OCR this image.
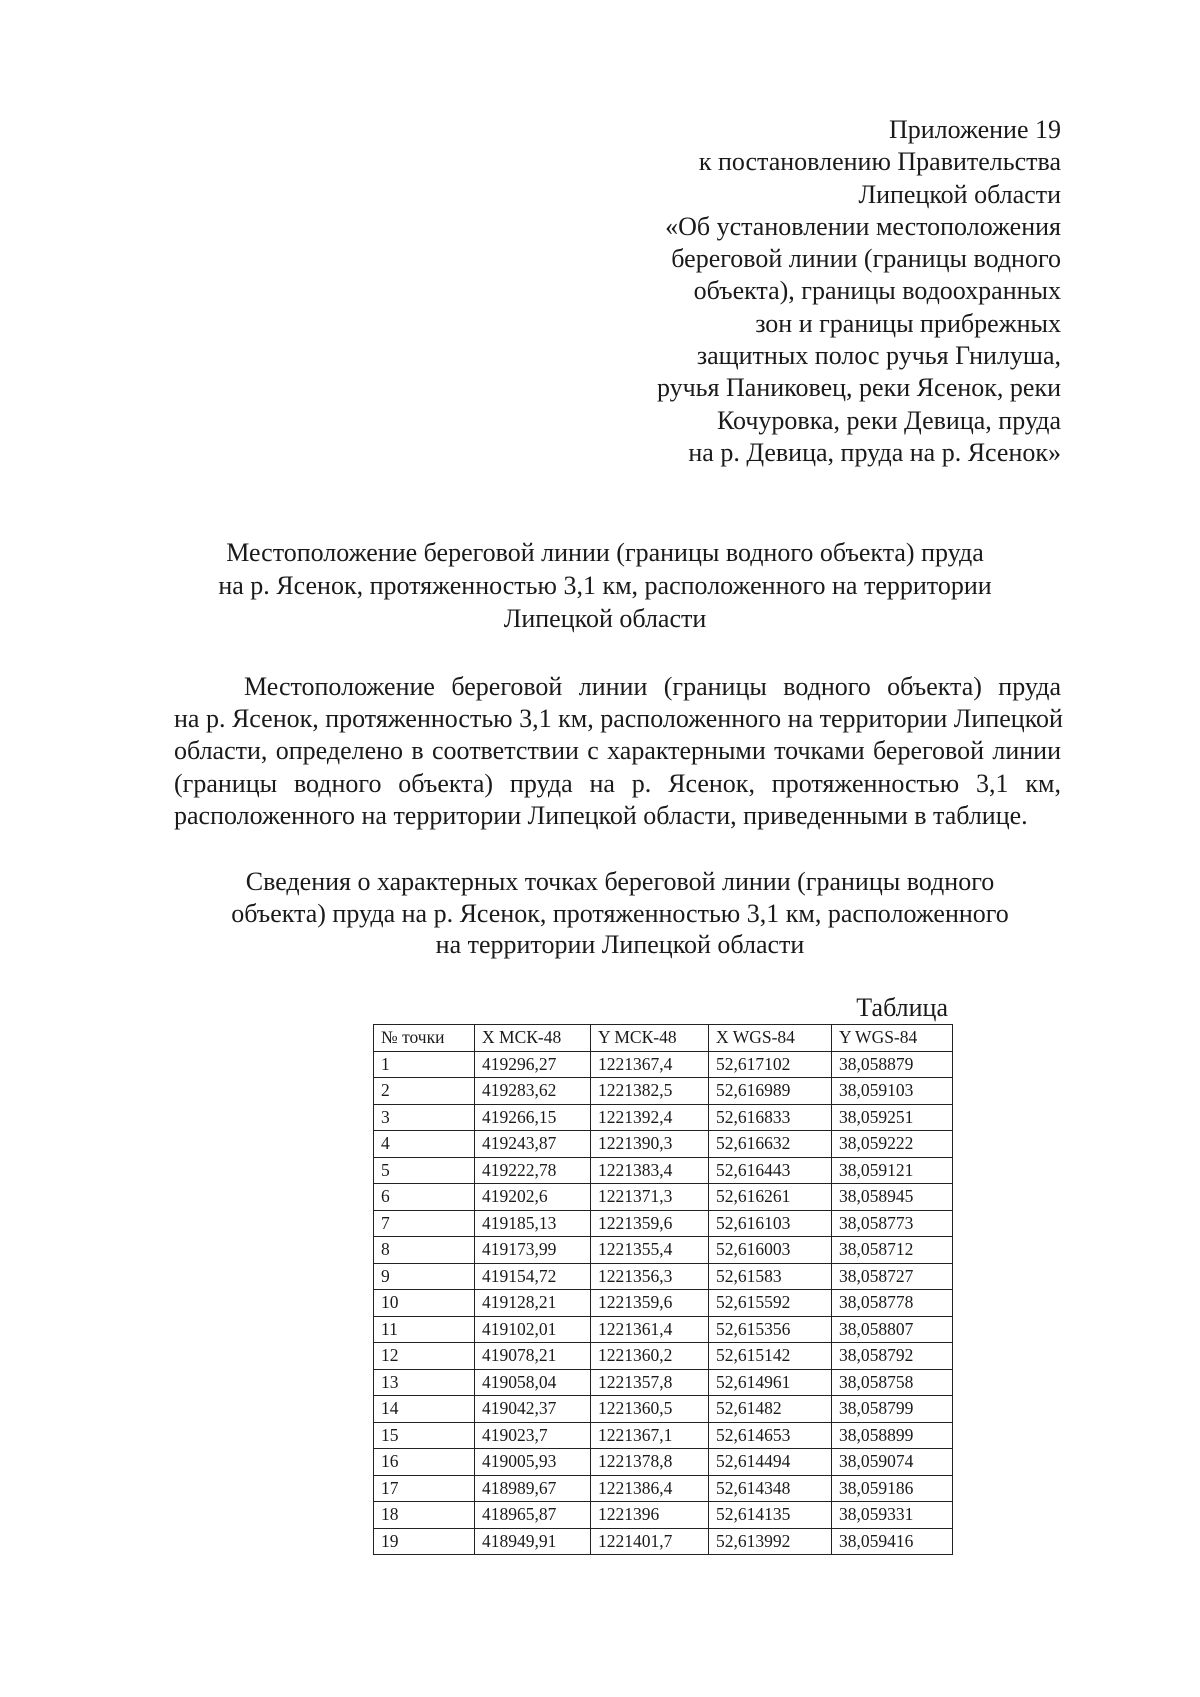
Приложение 19
к постановлению Правительства
Липецкой области
«Об установлении местоположения
береговой линии (границы водного
объекта), границы водоохранных
зон и границы прибрежных
защитных полос ручья Гнилуша,
ручья Паниковец, реки Ясенок, реки
Кочуровка, реки Девица, пруда
на р. Девица, пруда на р. Ясенок»
Местоположение береговой линии (границы водного объекта) пруда
на р. Ясенок, протяженностью 3,1 км, расположенного на территории
Липецкой области
Местоположение береговой линии (границы водного объекта) пруда
на р. Ясенок, протяженностью 3,1 км, расположенного на территории Липецкой
области, определено в соответствии с характерными точками береговой линии
(границы водного объекта) пруда на р. Ясенок, протяженностью 3,1 км,
расположенного на территории Липецкой области, приведенными в таблице.
Сведения о характерных точках береговой линии (границы водного
объекта) пруда на р. Ясенок, протяженностью 3,1 км, расположенного
на территории Липецкой области
Таблица
№ точки	X МСК-48	Y МСК-48	X WGS-84	Y WGS-84
1	419296,27	1221367,4	52,617102	38,058879
2	419283,62	1221382,5	52,616989	38,059103
3	419266,15	1221392,4	52,616833	38,059251
4	419243,87	1221390,3	52,616632	38,059222
5	419222,78	1221383,4	52,616443	38,059121
6	419202,6	1221371,3	52,616261	38,058945
7	419185,13	1221359,6	52,616103	38,058773
8	419173,99	1221355,4	52,616003	38,058712
9	419154,72	1221356,3	52,61583	38,058727
10	419128,21	1221359,6	52,615592	38,058778
11	419102,01	1221361,4	52,615356	38,058807
12	419078,21	1221360,2	52,615142	38,058792
13	419058,04	1221357,8	52,614961	38,058758
14	419042,37	1221360,5	52,61482	38,058799
15	419023,7	1221367,1	52,614653	38,058899
16	419005,93	1221378,8	52,614494	38,059074
17	418989,67	1221386,4	52,614348	38,059186
18	418965,87	1221396	52,614135	38,059331
19	418949,91	1221401,7	52,613992	38,059416
